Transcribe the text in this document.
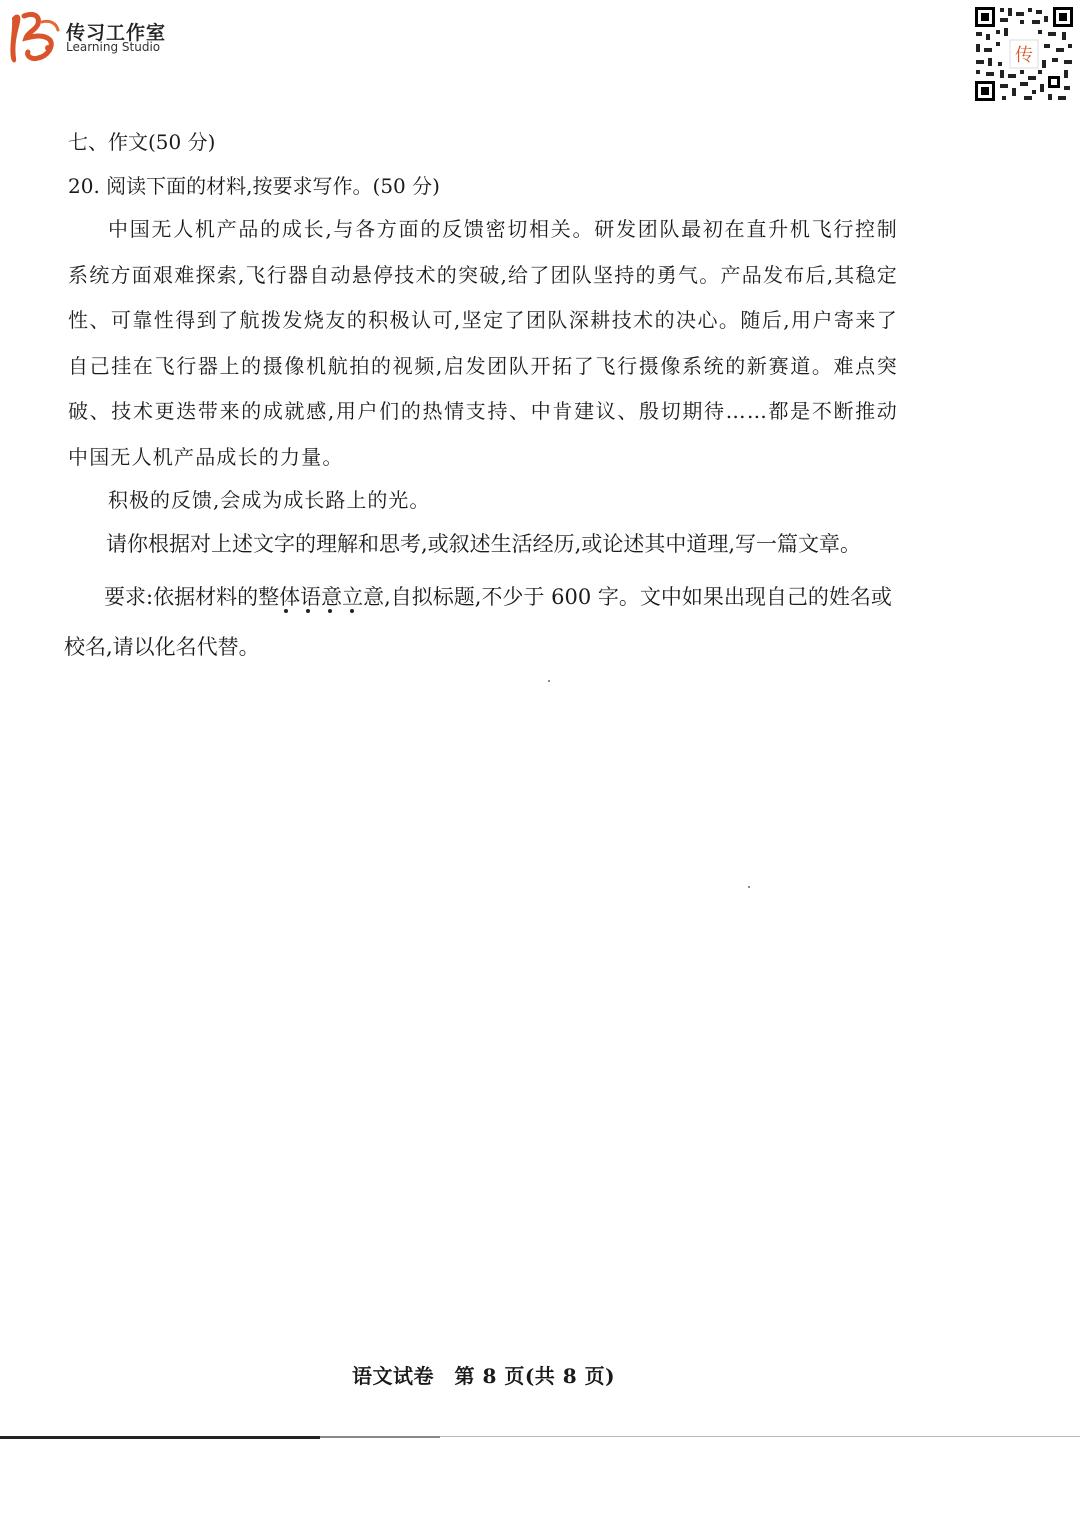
传习工作室
Learning Studio	传
七、作文(50 分)
20. 阅读下面的材料,按要求写作。(50 分)

中国无人机产品的成长,与各方面的反馈密切相关。研发团队最初在直升机飞行控制系统方面艰难探索,飞行器自动悬停技术的突破,给了团队坚持的勇气。产品发布后,其稳定性、可靠性得到了航拨发烧友的积极认可,坚定了团队深耕技术的决心。随后,用户寄来了自己挂在飞行器上的摄像机航拍的视频,启发团队开拓了飞行摄像系统的新赛道。难点突破、技术更迭带来的成就感,用户们的热情支持、中肯建议、殷切期待……都是不断推动中国无人机产品成长的力量。

积极的反馈,会成为成长路上的光。
请你根据对上述文字的理解和思考,或叙述生活经历,或论述其中道理,写一篇文章。

要求:依据材料的整体语意立意,自拟标题,不少于 600 字。文中如果出现自己的姓名或校名,请以化名代替。

语文试卷　第 8 页(共 8 页)
